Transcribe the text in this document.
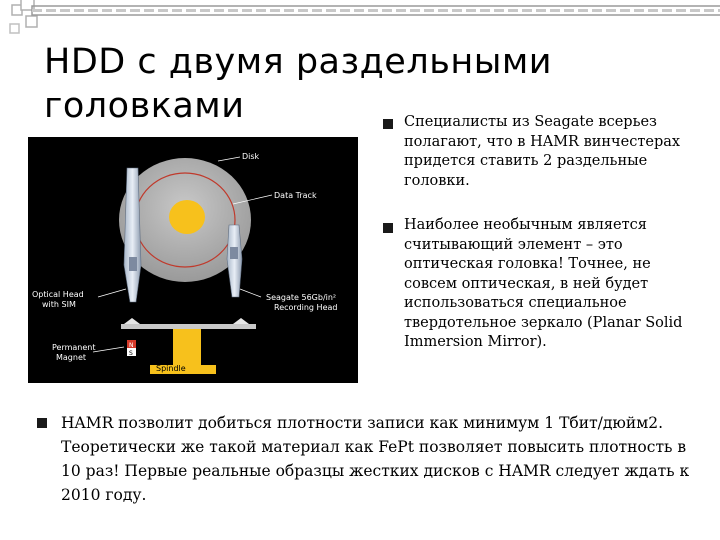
HDD с двумя раздельными
головками	Специалисты из Seagate всерьез полагают, что в HAMR винчестерах придется ставить 2 раздельные головки.
Наиболее необычным является считывающий элемент – это оптическая головка! Точнее, не совсем оптическая, в ней будет использоваться специальное твердотельное зеркало (Planar Solid Immersion Mirror).
HAMR позволит добиться плотности записи как минимум 1 Тбит/дюйм2. Теоретически же такой материал как FePt позволяет повысить плотность в 10 раз! Первые реальные образцы жестких дисков с HAMR следует ждать к 2010 году.
N
S
Disk
Data Track
Optical Head
with SIM
Seagate 56Gb/in²
Recording Head
Permanent
Magnet
Spindle
